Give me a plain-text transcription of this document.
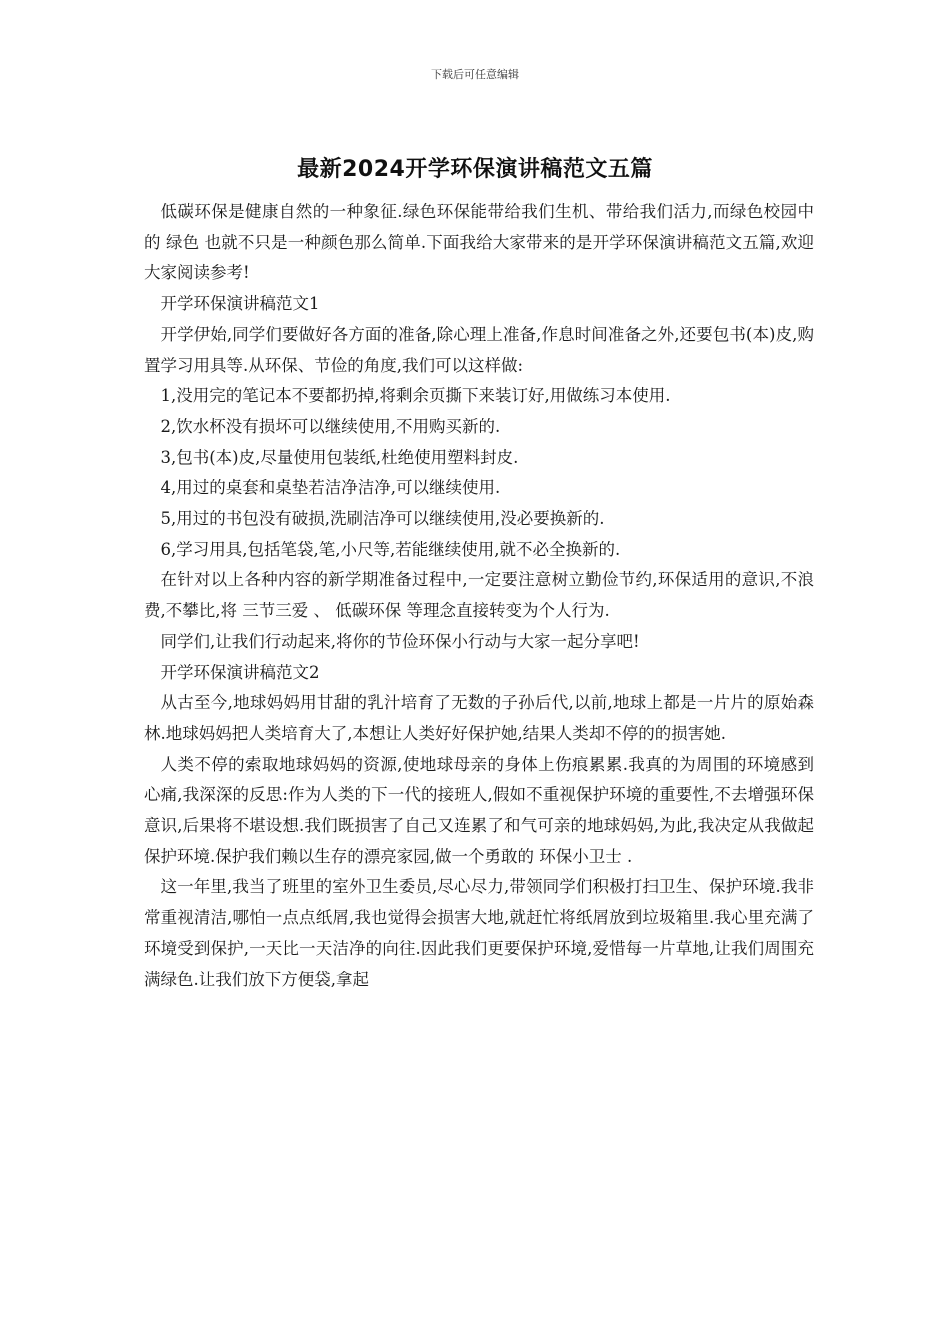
下载后可任意编辑
最新2024开学环保演讲稿范文五篇

低碳环保是健康自然的一种象征.绿色环保能带给我们生机、带给我们活力,而绿色校园中的 绿色 也就不只是一种颜色那么简单.下面我给大家带来的是开学环保演讲稿范文五篇,欢迎大家阅读参考!

开学环保演讲稿范文1

开学伊始,同学们要做好各方面的准备,除心理上准备,作息时间准备之外,还要包书(本)皮,购置学习用具等.从环保、节俭的角度,我们可以这样做:

1,没用完的笔记本不要都扔掉,将剩余页撕下来装订好,用做练习本使用.

2,饮水杯没有损坏可以继续使用,不用购买新的.

3,包书(本)皮,尽量使用包装纸,杜绝使用塑料封皮.

4,用过的桌套和桌垫若洁净洁净,可以继续使用.

5,用过的书包没有破损,洗刷洁净可以继续使用,没必要换新的.

6,学习用具,包括笔袋,笔,小尺等,若能继续使用,就不必全换新的.

在针对以上各种内容的新学期准备过程中,一定要注意树立勤俭节约,环保适用的意识,不浪费,不攀比,将 三节三爱 、 低碳环保 等理念直接转变为个人行为.

同学们,让我们行动起来,将你的节俭环保小行动与大家一起分享吧!

开学环保演讲稿范文2

从古至今,地球妈妈用甘甜的乳汁培育了无数的子孙后代,以前,地球上都是一片片的原始森林.地球妈妈把人类培育大了,本想让人类好好保护她,结果人类却不停的的损害她.

人类不停的索取地球妈妈的资源,使地球母亲的身体上伤痕累累.我真的为周围的环境感到心痛,我深深的反思:作为人类的下一代的接班人,假如不重视保护环境的重要性,不去增强环保意识,后果将不堪设想.我们既损害了自己又连累了和气可亲的地球妈妈,为此,我决定从我做起保护环境.保护我们赖以生存的漂亮家园,做一个勇敢的 环保小卫士 .

这一年里,我当了班里的室外卫生委员,尽心尽力,带领同学们积极打扫卫生、保护环境.我非常重视清洁,哪怕一点点纸屑,我也觉得会损害大地,就赶忙将纸屑放到垃圾箱里.我心里充满了环境受到保护,一天比一天洁净的向往.因此我们更要保护环境,爱惜每一片草地,让我们周围充满绿色.让我们放下方便袋,拿起
